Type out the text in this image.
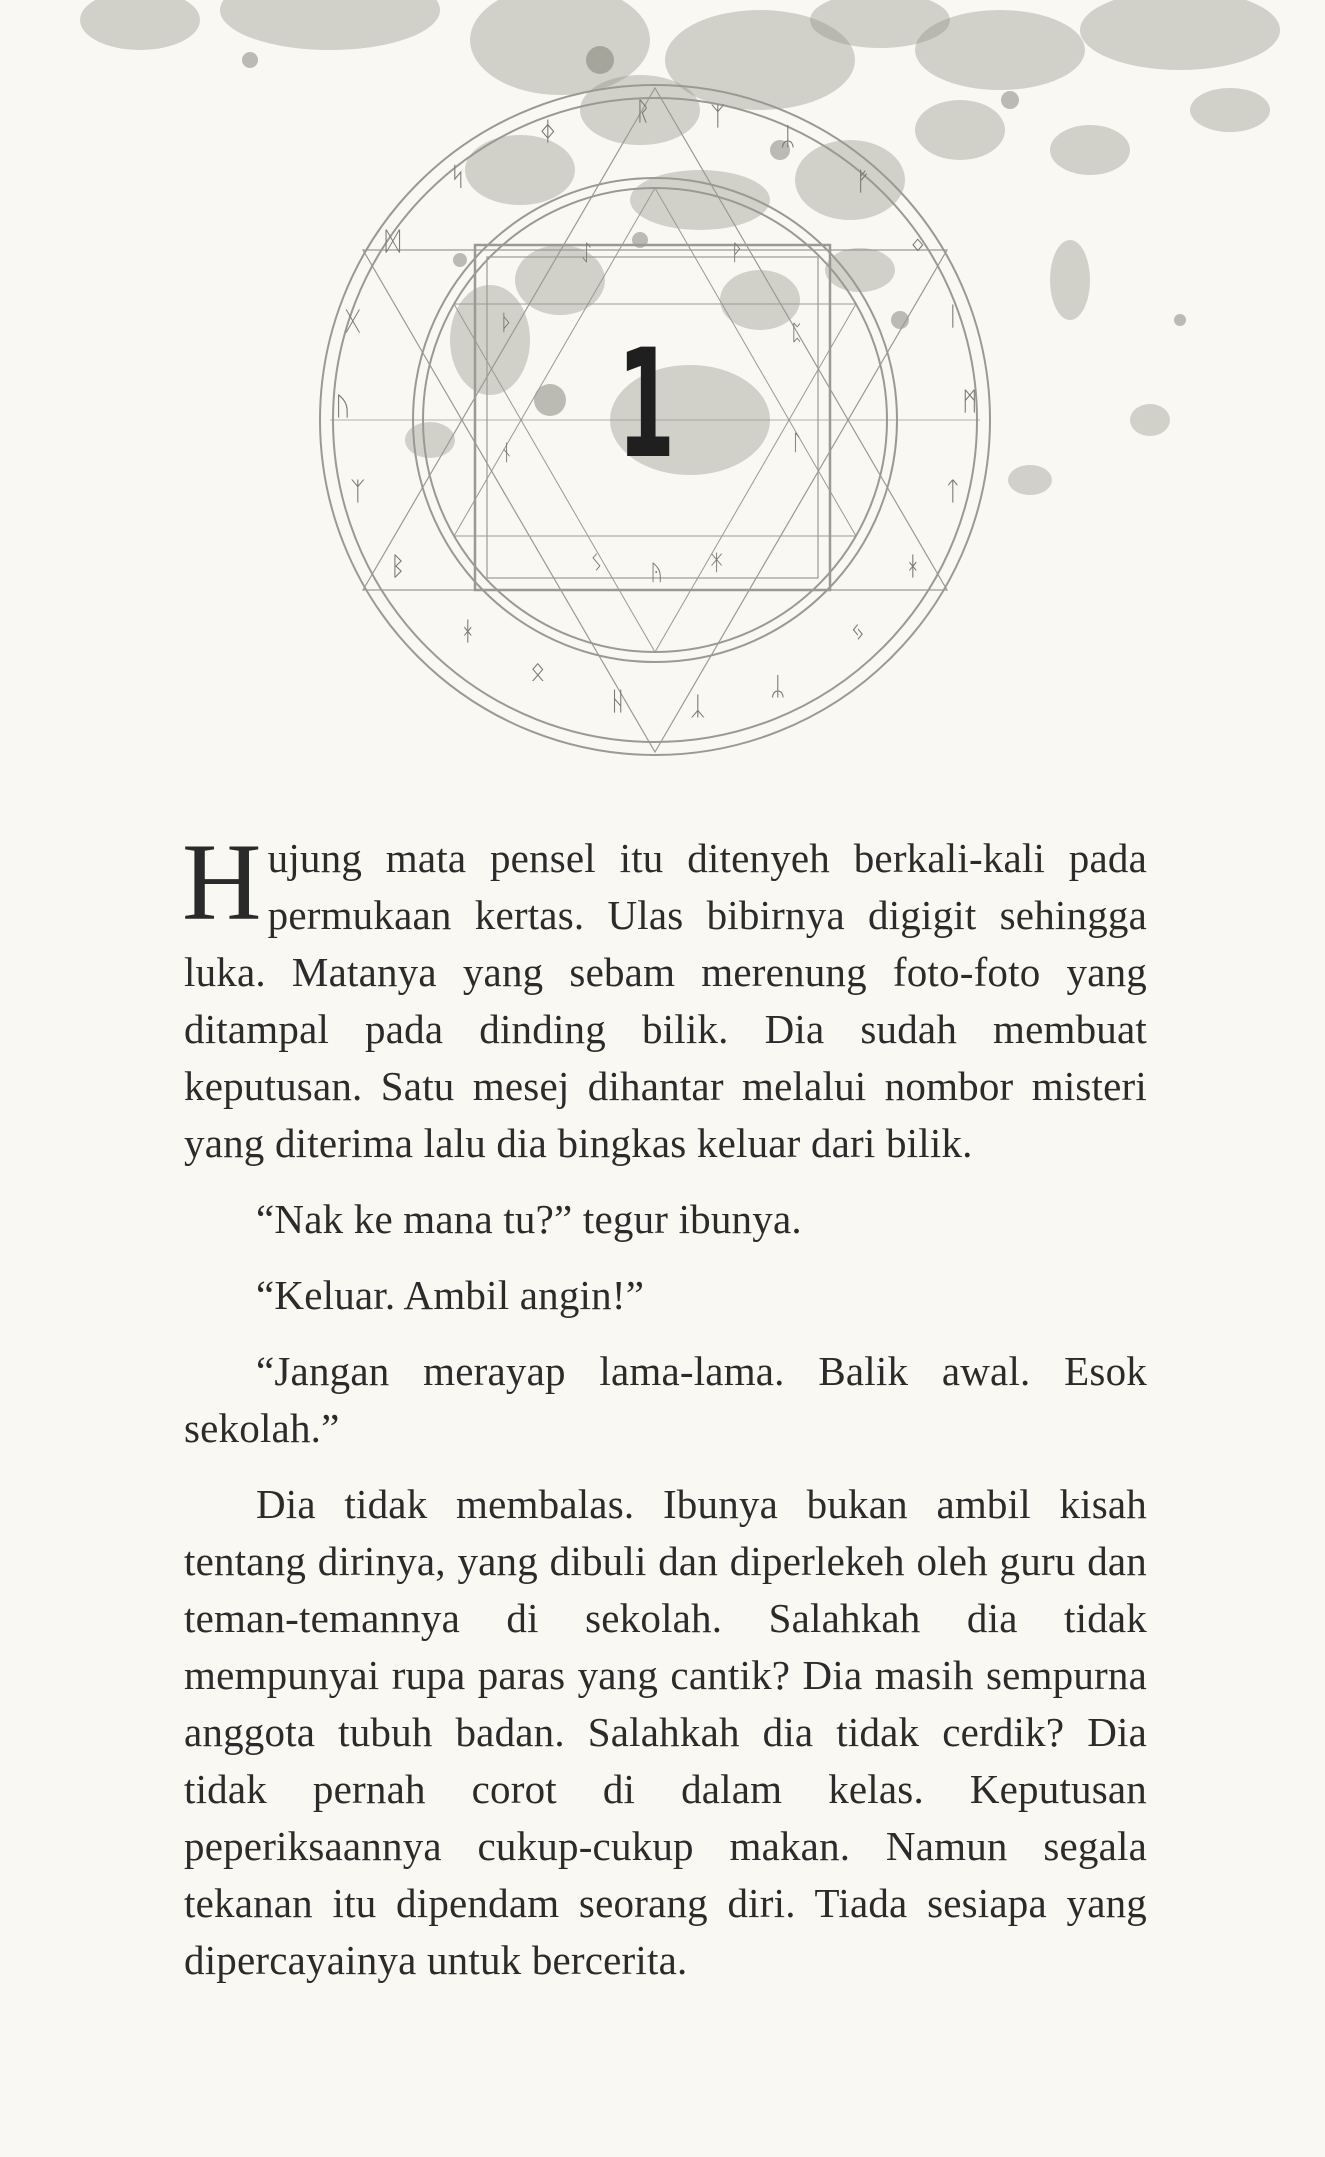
ᚱ ᛉ
ᛦ
ᚠ
ᛜ
ᛁ
ᛗ
ᛏ
ᚼ
ᛃ
ᛦ
ᛣ
ᚺ
ᛟ
ᚼ
ᛒ
ᛉ
ᚢ
ᚷ
ᛞ
ᛋ
ᛄ
ᛇ	ᚹ
ᚦ	ᛈ
ᛚ
ᚾ
ᛊ ᚤ ᛡ
1

Hujung mata pensel itu ditenyeh berkali-kali pada permukaan kertas. Ulas bibirnya digigit sehingga luka. Matanya yang sebam merenung foto-foto yang ditampal pada dinding bilik. Dia sudah membuat keputusan. Satu mesej dihantar melalui nombor misteri yang diterima lalu dia bingkas keluar dari bilik.

“Nak ke mana tu?” tegur ibunya.

“Keluar. Ambil angin!”

“Jangan merayap lama-lama. Balik awal. Esok sekolah.”

Dia tidak membalas. Ibunya bukan ambil kisah tentang dirinya, yang dibuli dan diperlekeh oleh guru dan teman-temannya di sekolah. Salahkah dia tidak mempunyai rupa paras yang cantik? Dia masih sempurna anggota tubuh badan. Salahkah dia tidak cerdik? Dia tidak pernah corot di dalam kelas. Keputusan peperiksaannya cukup-cukup makan. Namun segala tekanan itu dipendam seorang diri. Tiada sesiapa yang dipercayainya untuk bercerita.
